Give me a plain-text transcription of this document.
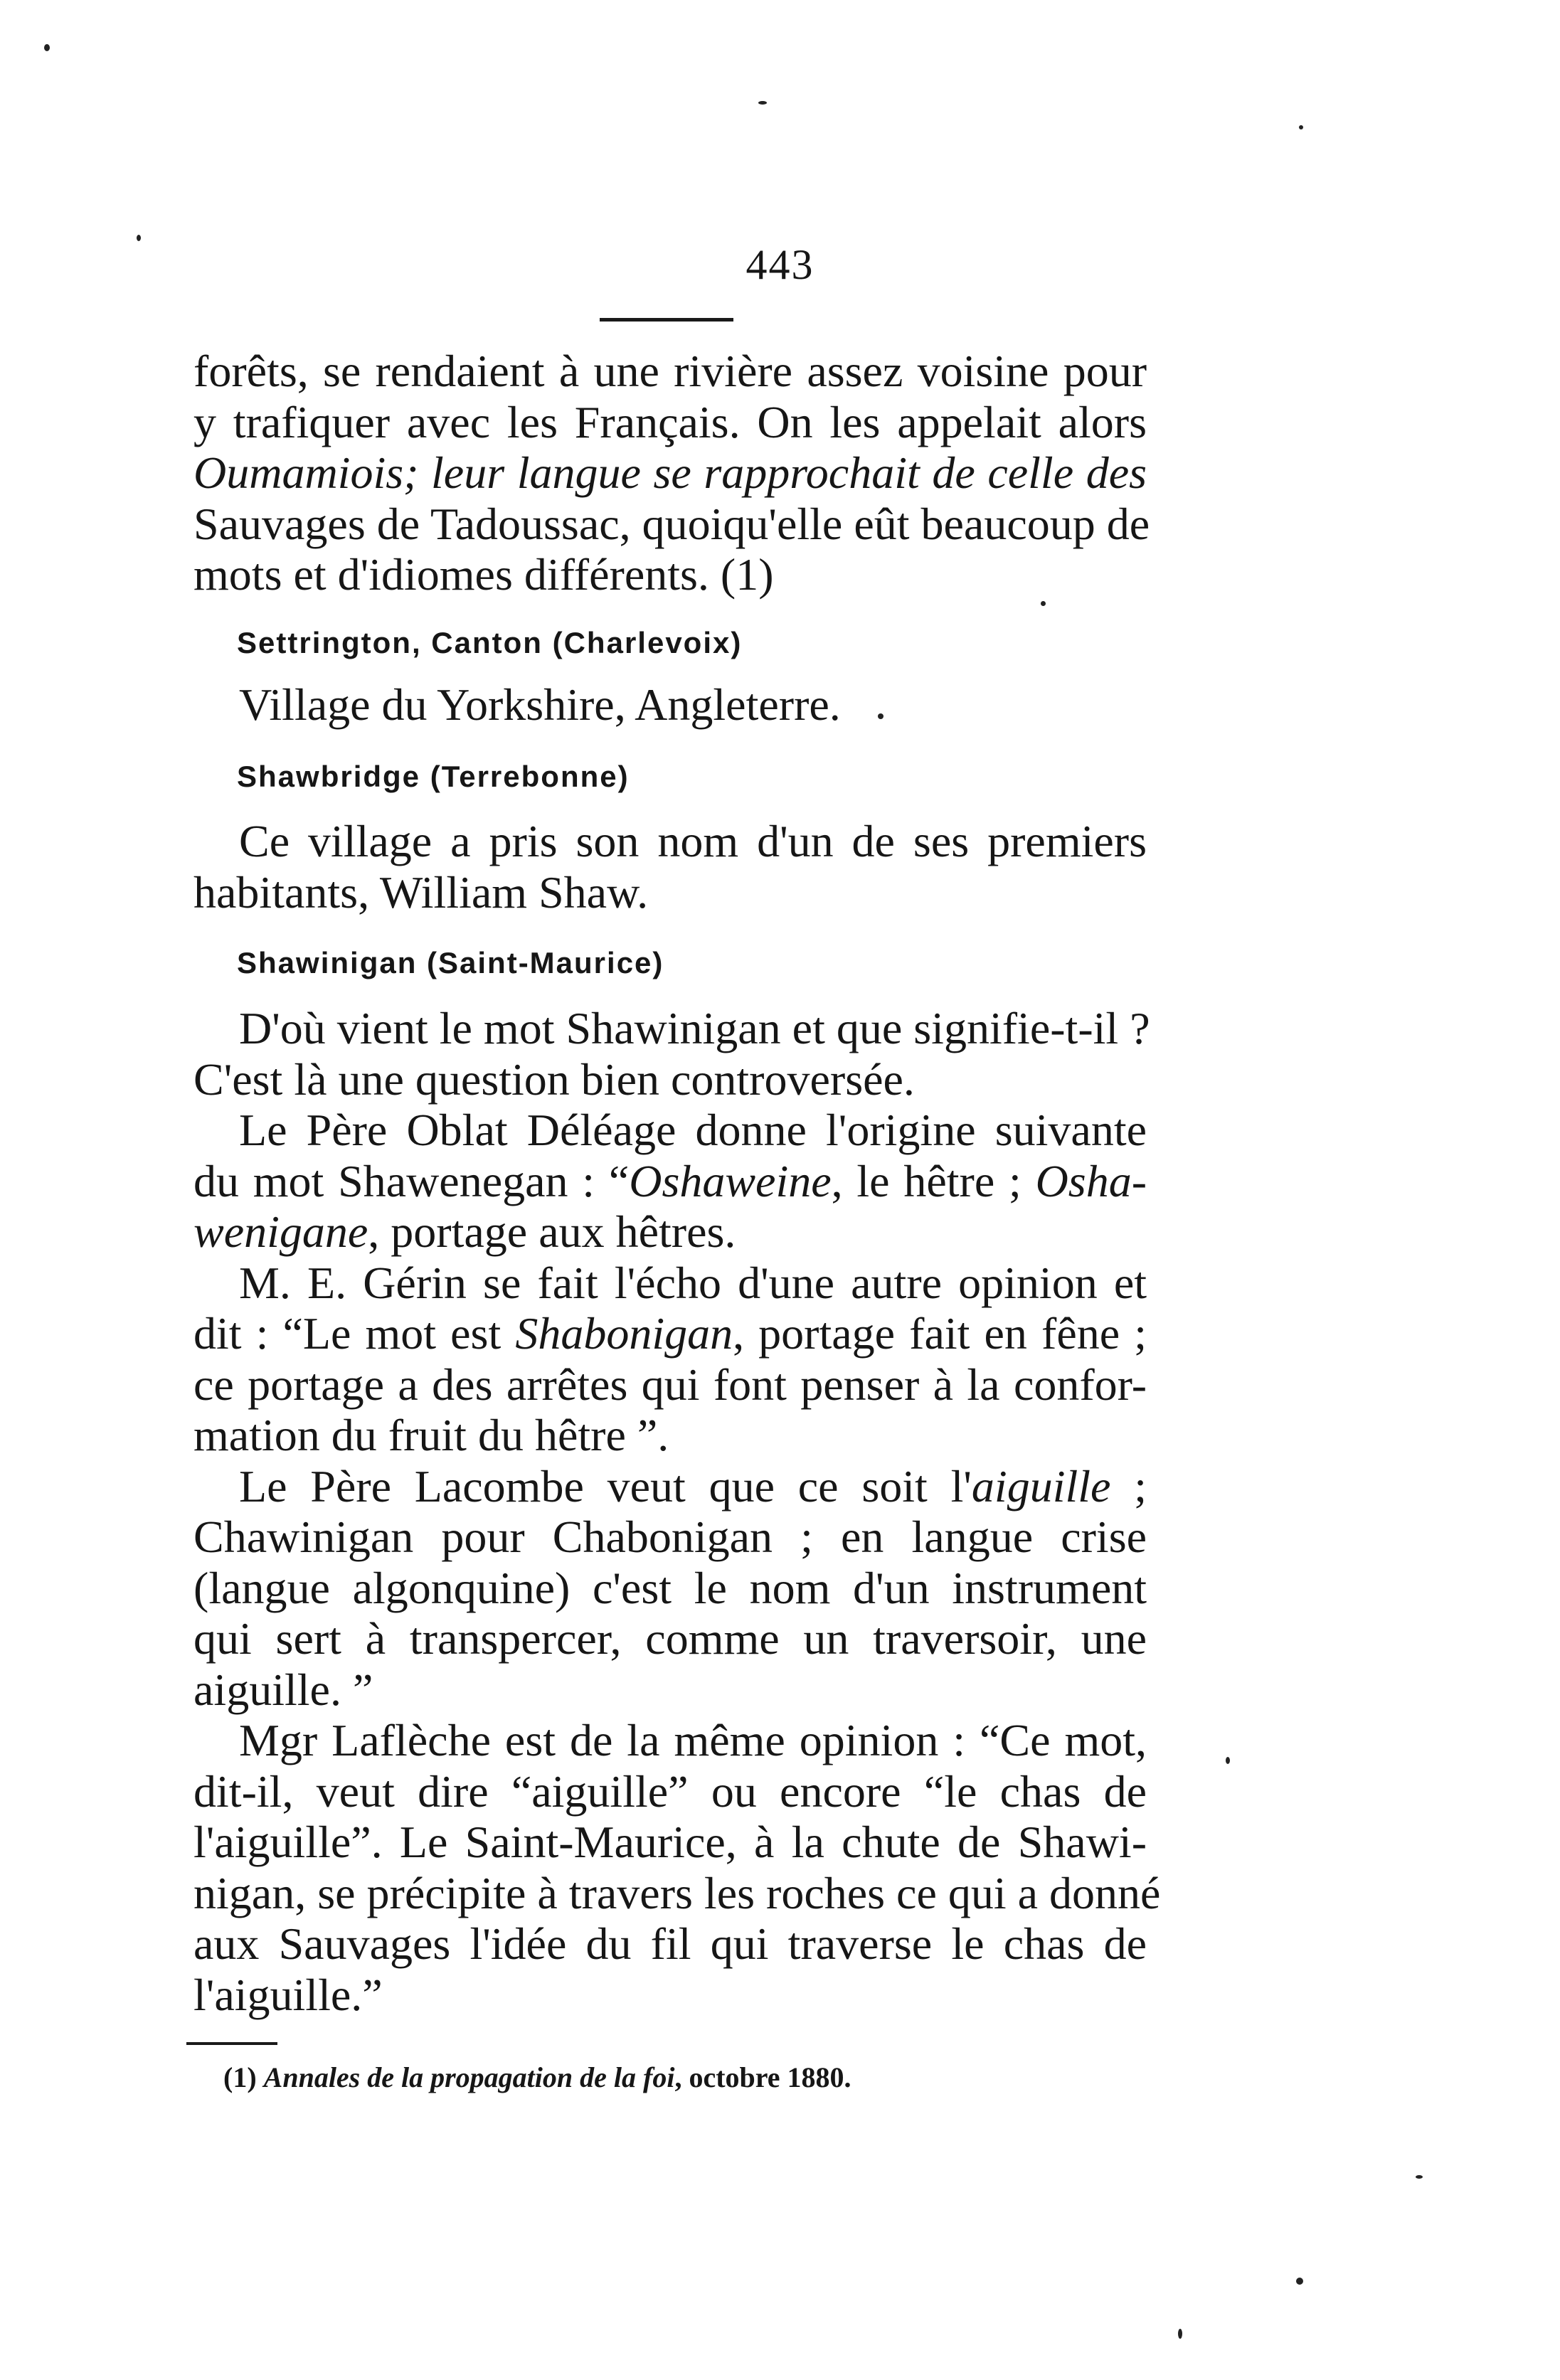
443
forêts, se rendaient à une rivière assez voisine pour
y trafiquer avec les Français. On les appelait alors
Oumamiois; leur langue se rapprochait de celle des
Sauvages de Tadoussac, quoiqu'elle eût beaucoup de
mots et d'idiomes différents. (1)
Settrington, Canton (Charlevoix)
Village du Yorkshire, Angleterre.
Shawbridge (Terrebonne)
Ce village a pris son nom d'un de ses premiers
habitants, William Shaw.
Shawinigan (Saint-Maurice)
D'où vient le mot Shawinigan et que signifie-t-il ?
C'est là une question bien controversée.
Le Père Oblat Déléage donne l'origine suivante
du mot Shawenegan : “Oshaweine, le hêtre ; Osha-
wenigane, portage aux hêtres.
M. E. Gérin se fait l'écho d'une autre opinion et
dit : “Le mot est Shabonigan, portage fait en fêne ;
ce portage a des arrêtes qui font penser à la confor-
mation du fruit du hêtre ”.
Le Père Lacombe veut que ce soit l'aiguille ;
Chawinigan pour Chabonigan ; en langue crise
(langue algonquine) c'est le nom d'un instrument
qui sert à transpercer, comme un traversoir, une
aiguille. ”
Mgr Laflèche est de la même opinion : “Ce mot,
dit-il, veut dire “aiguille” ou encore “le chas de
l'aiguille”. Le Saint-Maurice, à la chute de Shawi-
nigan, se précipite à travers les roches ce qui a donné
aux Sauvages l'idée du fil qui traverse le chas de
l'aiguille.”
(1) Annales de la propagation de la foi, octobre 1880.
